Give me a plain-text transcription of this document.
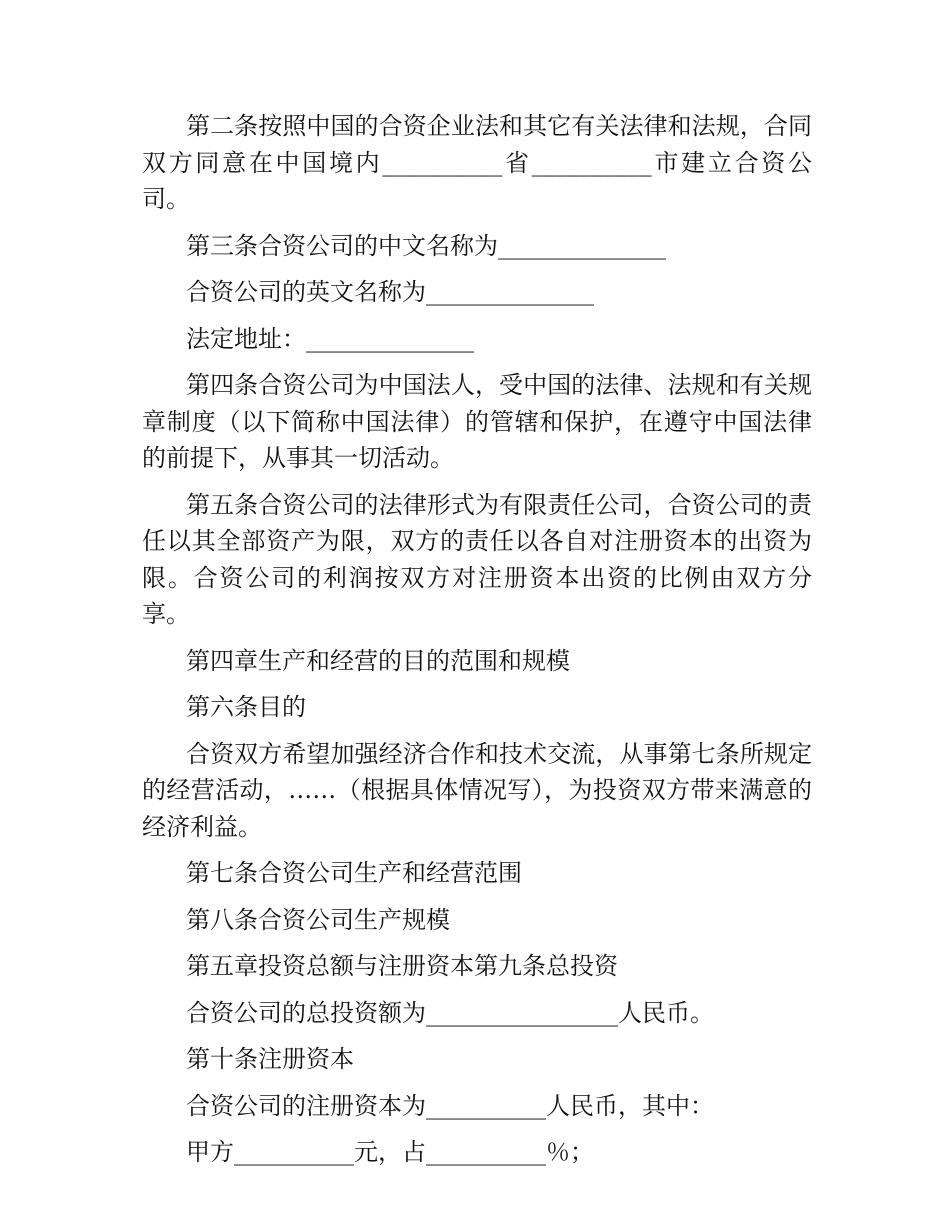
第二条按照中国的合资企业法和其它有关法律和法规，合同双方同意在中国境内__________省__________市建立合资公司。

第三条合资公司的中文名称为______________

合资公司的英文名称为______________

法定地址：______________

第四条合资公司为中国法人，受中国的法律、法规和有关规章制度（以下简称中国法律）的管辖和保护，在遵守中国法律的前提下，从事其一切活动。

第五条合资公司的法律形式为有限责任公司，合资公司的责任以其全部资产为限，双方的责任以各自对注册资本的出资为限。合资公司的利润按双方对注册资本出资的比例由双方分享。

第四章生产和经营的目的范围和规模

第六条目的

合资双方希望加强经济合作和技术交流，从事第七条所规定的经营活动，……（根据具体情况写），为投资双方带来满意的经济利益。

第七条合资公司生产和经营范围

第八条合资公司生产规模

第五章投资总额与注册资本第九条总投资

合资公司的总投资额为________________人民币。

第十条注册资本

合资公司的注册资本为__________人民币，其中：

甲方__________元，占__________％；
